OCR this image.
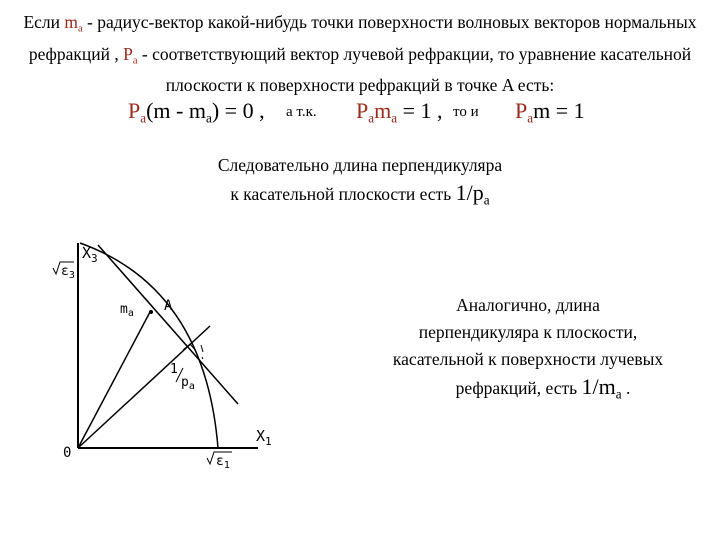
Если $m_a$ - радиус-вектор какой-нибудь точки поверхности волновых векторов нормальных рефракций , $P_a$ - соответствующий вектор лучевой рефракции, то уравнение касательной плоскости к поверхности рефракций в точке A есть:
$P_a(m - m_a) = 0$ , а т.к. $P_am_a = 1$ , то и $P_am = 1$
Следовательно длина перпендикуляра
к касательной плоскости есть $1/p_a$
$X_3$
$\varepsilon_3$
$m_a$ A
1
$p_a$
$X_1$
0
$\varepsilon_1$
Аналогично, длина
перпендикуляра к плоскости,
касательной к поверхности лучевых
рефракций, есть $1/m_a$ .
